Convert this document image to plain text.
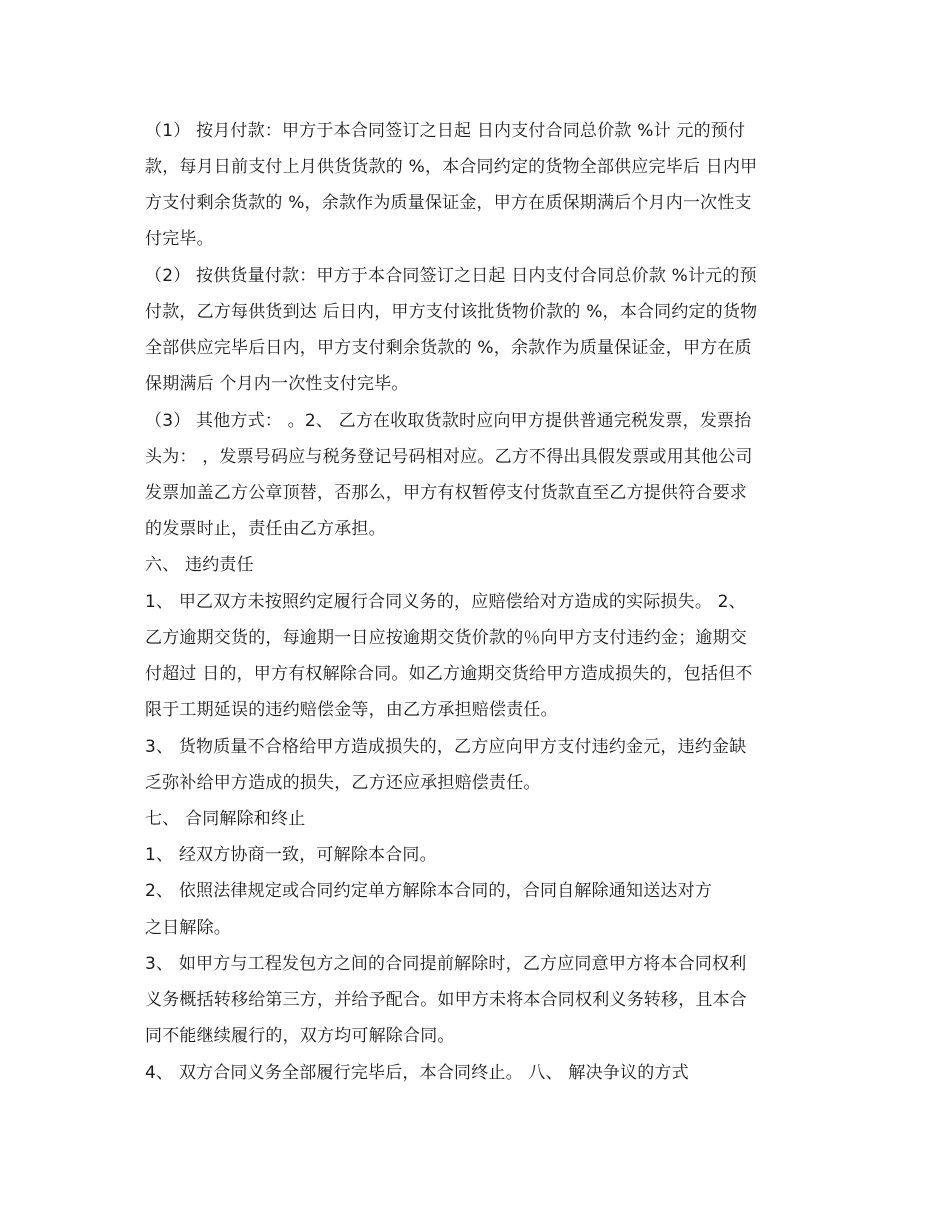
（1） 按月付款：甲方于本合同签订之日起 日内支付合同总价款 %计 元的预付
款，每月日前支付上月供货货款的 %，本合同约定的货物全部供应完毕后 日内甲
方支付剩余货款的 %，余款作为质量保证金，甲方在质保期满后个月内一次性支
付完毕。
（2） 按供货量付款：甲方于本合同签订之日起 日内支付合同总价款 %计元的预
付款，乙方每供货到达 后日内，甲方支付该批货物价款的 %，本合同约定的货物
全部供应完毕后日内，甲方支付剩余货款的 %，余款作为质量保证金，甲方在质
保期满后 个月内一次性支付完毕。
（3） 其他方式： 。2、 乙方在收取货款时应向甲方提供普通完税发票，发票抬
头为： ，发票号码应与税务登记号码相对应。乙方不得出具假发票或用其他公司
发票加盖乙方公章顶替，否那么，甲方有权暂停支付货款直至乙方提供符合要求
的发票时止，责任由乙方承担。
六、 违约责任
1、 甲乙双方未按照约定履行合同义务的，应赔偿给对方造成的实际损失。 2、
乙方逾期交货的，每逾期一日应按逾期交货价款的％向甲方支付违约金；逾期交
付超过 日的，甲方有权解除合同。如乙方逾期交货给甲方造成损失的，包括但不
限于工期延误的违约赔偿金等，由乙方承担赔偿责任。
3、 货物质量不合格给甲方造成损失的，乙方应向甲方支付违约金元，违约金缺
乏弥补给甲方造成的损失，乙方还应承担赔偿责任。
七、 合同解除和终止
1、 经双方协商一致，可解除本合同。
2、 依照法律规定或合同约定单方解除本合同的，合同自解除通知送达对方
之日解除。
3、 如甲方与工程发包方之间的合同提前解除时，乙方应同意甲方将本合同权利
义务概括转移给第三方，并给予配合。如甲方未将本合同权利义务转移，且本合
同不能继续履行的，双方均可解除合同。
4、 双方合同义务全部履行完毕后，本合同终止。 八、 解决争议的方式
